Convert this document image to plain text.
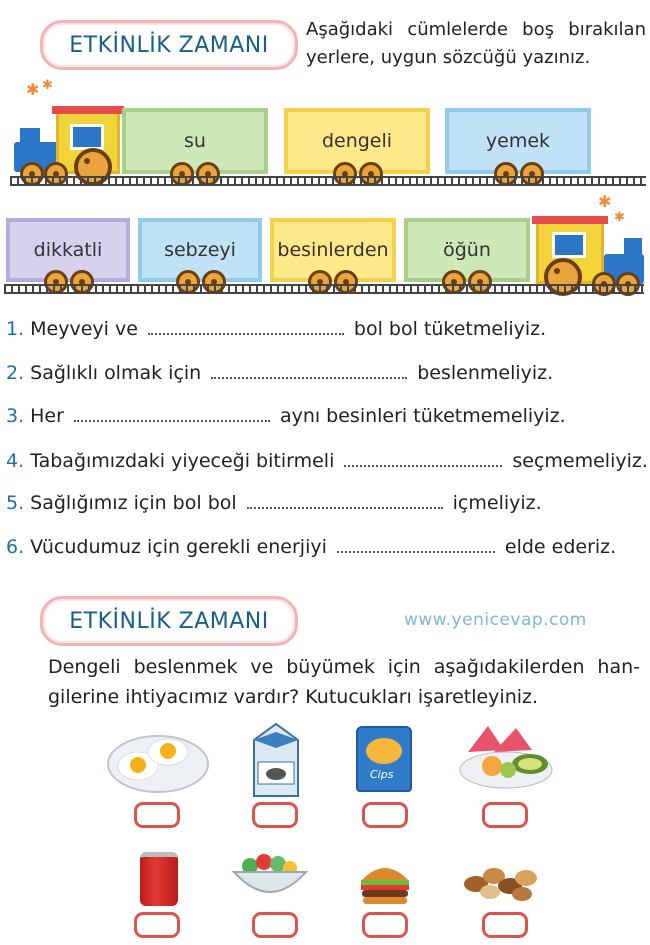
ETKİNLİK ZAMANI
Aşağıdaki cümlelerde boş bırakılan yerlere, uygun sözcüğü yazınız.
✱ ✱
su	dengeli	yemek
dikkatli	sebzeyi besinlerden	öğün
✱
✱
1. Meyveyi ve	bol bol tüketmeliyiz.
2. Sağlıklı olmak için	beslenmeliyiz.
3. Her	aynı besinleri tüketmemeliyiz.
4. Tabağımızdaki yiyeceği bitirmeli	seçmemeliyiz.
5. Sağlığımız için bol bol	içmeliyiz.
6. Vücudumuz için gerekli enerjiyi	elde ederiz.
ETKİNLİK ZAMANI	www.yenicevap.com
Dengeli beslenmek ve büyümek için aşağıdakilerden han-gilerine ihtiyacımız vardır? Kutucukları işaretleyiniz.
Cips
